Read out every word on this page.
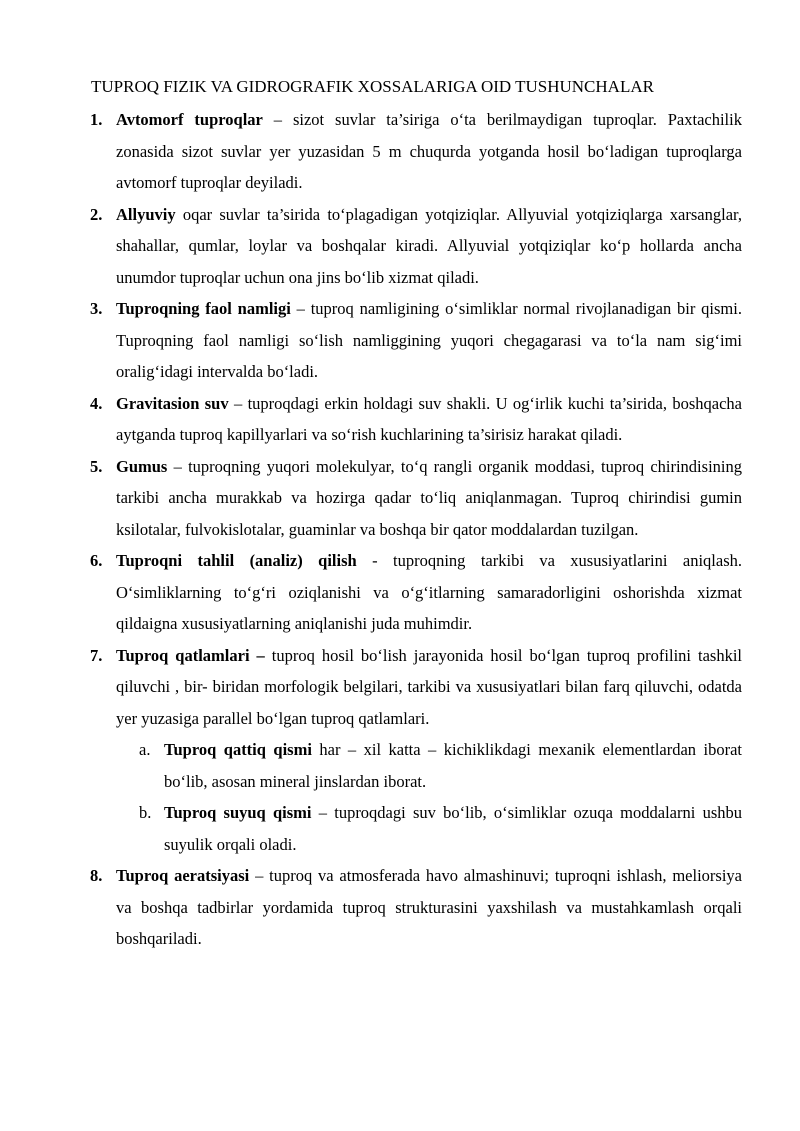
TUPROQ FIZIK VA GIDROGRAFIK XOSSALARIGA OID TUSHUNCHALAR
1. Avtomorf tuproqlar – sizot suvlar ta’siriga o‘ta berilmaydigan tuproqlar. Paxtachilik zonasida sizot suvlar yer yuzasidan 5 m chuqurda yotganda hosil bo‘ladigan tuproqlarga avtomorf tuproqlar deyiladi.
2. Allyuviy oqar suvlar ta’sirida to‘plagadigan yotqiziqlar. Allyuvial yotqiziqlarga xarsanglar, shahallar, qumlar, loylar va boshqalar kiradi. Allyuvial yotqiziqlar ko‘p hollarda ancha unumdor tuproqlar uchun ona jins bo‘lib xizmat qiladi.
3. Tuproqning faol namligi – tuproq namligining o‘simliklar normal rivojlanadigan bir qismi. Tuproqning faol namligi so‘lish namliggining yuqori chegagarasi va to‘la nam sig‘imi oralig‘idagi intervalda bo‘ladi.
4. Gravitasion suv – tuproqdagi erkin holdagi suv shakli. U og‘irlik kuchi ta’sirida, boshqacha aytganda tuproq kapillyarlari va so‘rish kuchlarining ta’sirisiz harakat qiladi.
5. Gumus – tuproqning yuqori molekulyar, to‘q rangli organik moddasi, tuproq chirindisining tarkibi ancha murakkab va hozirga qadar to‘liq aniqlanmagan. Tuproq chirindisi gumin ksilotalar, fulvokislotalar, guaminlar va boshqa bir qator moddalardan tuzilgan.
6. Tuproqni tahlil (analiz) qilish - tuproqning tarkibi va xususiyatlarini aniqlash. O‘simliklarning to‘g‘ri oziqlanishi va o‘g‘itlarning samaradorligini oshorishda xizmat qildaigna xususiyatlarning aniqlanishi juda muhimdir.
7. Tuproq qatlamlari – tuproq hosil bo‘lish jarayonida hosil bo‘lgan tuproq profilini tashkil qiluvchi , bir- biridan morfologik belgilari, tarkibi va xususiyatlari bilan farq qiluvchi, odatda yer yuzasiga parallel bo‘lgan tuproq qatlamlari.
a. Tuproq qattiq qismi har – xil katta – kichiklikdagi mexanik elementlardan iborat bo‘lib, asosan mineral jinslardan iborat.
b. Tuproq suyuq qismi – tuproqdagi suv bo‘lib, o‘simliklar ozuqa moddalarni ushbu suyulik orqali oladi.
8. Tuproq aeratsiyasi – tuproq va atmosferada havo almashinuvi; tuproqni ishlash, meliorsiya va boshqa tadbirlar yordamida tuproq strukturasini yaxshilash va mustahkamlash orqali boshqariladi.
